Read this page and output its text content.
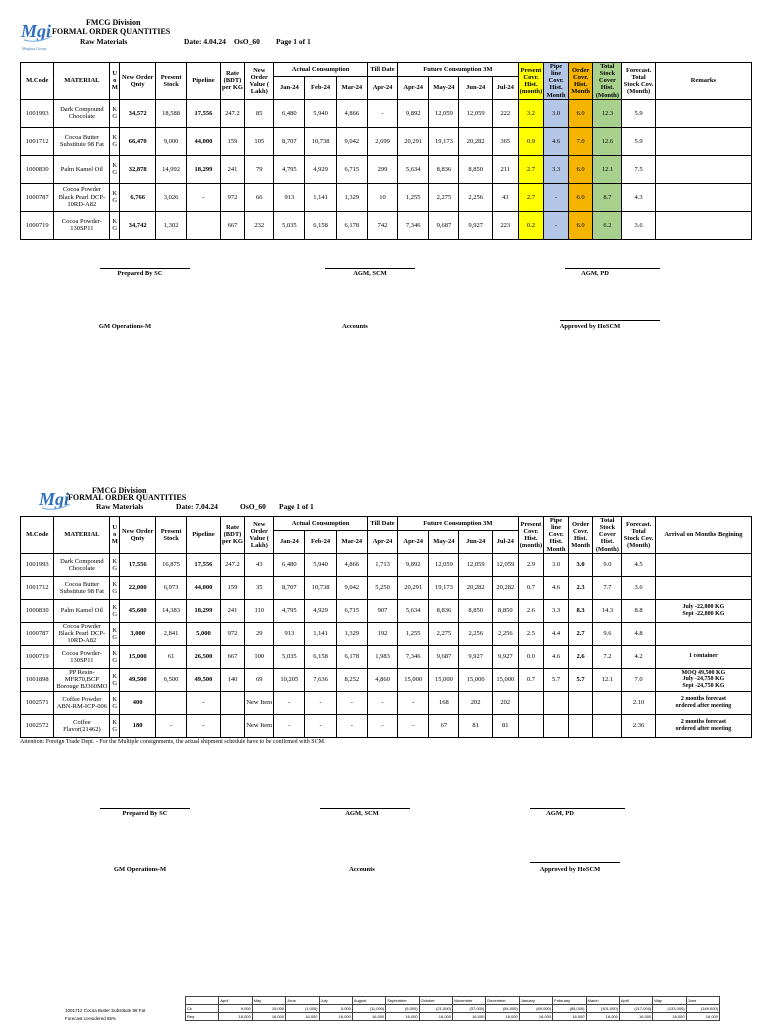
Mgi
Meghna Group
FMCG Division
FORMAL ORDER QUANTITIES
Raw Materials	Date: 4.04.24 OsO_60 Page 1 of 1
M.Code	MATERIAL	U o M	New Order Qnty	Present Stock	Pipeline	Rate (BDT) per KG	New Order Value ( Lakh)	Actual Consumption			Till Date	Future Consumption 3M				Present Covr. Hist. (month)	Pipe line Covr. Hist. Month	Order Covr. Hist. Month	Total Stock Cover Hist. (Month)	Forecast. Total Stock Cov. (Month)	Remarks
								Jan-24	Feb-24	Mar-24	Apr-24	Apr-24	May-24	Jun-24	Jul-24						
1001993	Dark Compound Chocolate	K G	34,572	18,588	17,556	247.2	85	6,480	5,940	4,866	-	9,892	12,059	12,059	222	3.2	3.0	6.0	12.3	5.9	
1001712	Cocoa Butter Substitute 98 Fat	K G	66,470	9,000	44,000	159	105	8,707	10,738	9,042	2,699	20,291	19,173	20,282	365	0.9	4.6	7.0	12.6	5.9	
1000830	Palm Kamel Oil	K G	32,878	14,992	18,299	241	79	4,795	4,929	6,715	299	5,634	8,836	8,850	211	2.7	3.3	6.0	12.1	7.5	
1000787	Cocoa Powder Black Pearl DCP-10RD-A82	K G	6,766	3,026	-	972	66	913	1,141	1,329	10	1,255	2,275	2,256	43	2.7	-	6.0	8.7	4.3	
1000719	Cocoa Powder-130SP11	K G	34,742	1,302		667	232	5,035	6,158	6,178	742	7,346	9,687	9,927	223	0.2	-	6.0	6.2	3.6	
Prepared By SC	AGM, SCM	AGM, PD
GM Operations-M	Accounts	Approved by HoSCM
Mgi	FMCG Division
FORMAL ORDER QUANTITIES
Raw Materials	Date: 7.04.24	OsO_60 Page 1 of 1
M.Code	MATERIAL	U o M	New Order Qnty	Present Stock	Pipeline	Rate (BDT) per KG	New Order Value ( Lakh)	Actual Consumption			Till Date	Future Consumption 3M				Present Covr. Hist. (month)	Pipe line Covr. Hist. Month	Order Covr. Hist. Month	Total Stock Cover Hist. (Month)	Forecast. Total Stock Cov. (Month)	Arrival on Months Begining
								Jan-24	Feb-24	Mar-24	Apr-24	Apr-24	May-24	Jun-24	Jul-24						
1001993	Dark Compound Chocolate	K G	17,556	16,875	17,556	247.2	43	6,480	5,940	4,866	1,713	9,892	12,059	12,059	12,059	2.9	3.0	3.0	9.0	4.5	
1001712	Cocoa Butter Substitute 98 Fat	K G	22,000	6,973	44,000	159	35	8,707	10,738	9,042	5,250	20,291	19,173	20,282	20,282	0.7	4.6	2.3	7.7	3.6	
1000830	Palm Kamel Oil	K G	45,600	14,383	18,299	241	110	4,795	4,929	6,715	907	5,634	8,836	8,850	8,850	2.6	3.3	8.3	14.3	8.8	July -22,800 KG
Sept -22,800 KG
1000787	Cocoa Powder Black Pearl DCP-10RD-A82	K G	3,000	2,841	5,000	972	29	913	1,141	1,329	192	1,255	2,275	2,256	2,256	2.5	4.4	2.7	9.6	4.8	
1000719	Cocoa Powder-130SP11	K G	15,000	61	26,500	667	100	5,035	6,158	6,178	1,983	7,346	9,687	9,927	9,927	0.0	4.6	2.6	7.2	4.2	1 container
1001898	PP Resin-MFR70,BCP Borouge BJ360MO	K G	49,500	6,500	49,500	140	69	10,205	7,636	8,252	4,860	15,000	15,000	15,000	15,000	0.7	5.7	5.7	12.1	7.0	MOQ 49,500 KG
July -24,750 KG
Sept -24,750 KG
1002571	Coffee Powder ABN-RM-ICP-006	K G	400		-		New Item	-	-	-	-	-	168	202	202					2.10	2 months forecast
ordered after meeting
1002572	Coffee Flavor(21462)	K G	180	-	-		New Item	-	-	-	-	-	67	81	81					2.36	2 months forecast
ordered after meeting
Attention: Foreign Trade Dept. - For the Multiple consignments, the actual shipment schedule have to be confirmed with SCM.
Prepared By SC	AGM, SCM	AGM, PD
GM Operations-M	Accounts	Approved by HoSCM
1001712 Cocoa Butter Substitute 98 Fat
Forecast considered 85%
	April	May	June	July	August	September	October	November	December	January	February	March	April	May	June
Ck	9,000	15,000	(1,000)	5,000	(11,000)	(5,000)	(21,000)	(37,000)	(54,000)	(69,000)	(85,000)	(101,000)	(117,000)	(133,000)	(149,000)
Req	16,000	16,000	16,000	16,000	16,000	16,000	16,000	16,000	16,000	16,000	16,000	16,000	16,000	16,000	16,000
